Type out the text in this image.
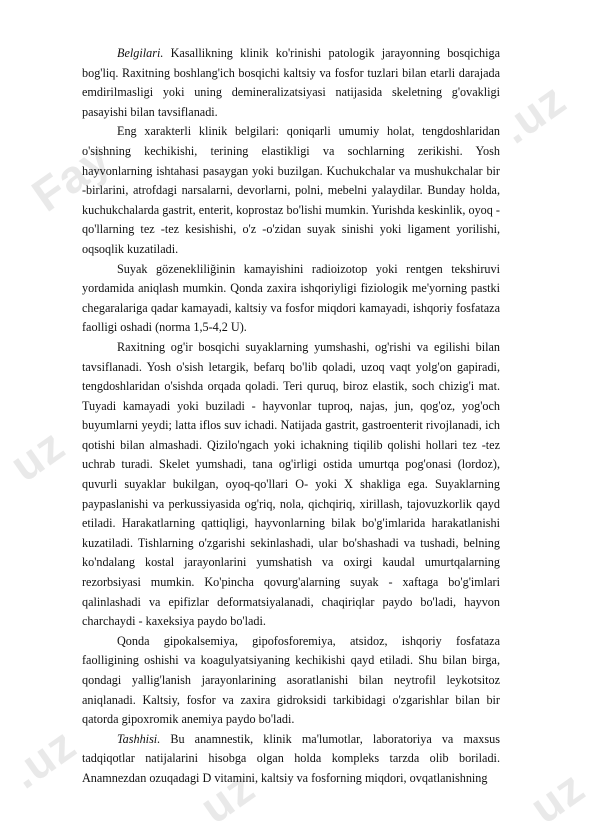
Fay
.uz
uz
.uz uz	uz

Belgilari. Kasallikning klinik ko'rinishi patologik jarayonning bosqichiga bog'liq. Raxitning boshlang'ich bosqichi kaltsiy va fosfor tuzlari bilan etarli darajada emdirilmasligi yoki uning demineralizatsiyasi natijasida skeletning g'ovakligi pasayishi bilan tavsiflanadi.

Eng xarakterli klinik belgilari: qoniqarli umumiy holat, tengdoshlaridan o'sishning kechikishi, terining elastikligi va sochlarning zerikishi. Yosh hayvonlarning ishtahasi pasaygan yoki buzilgan. Kuchukchalar va mushukchalar bir -birlarini, atrofdagi narsalarni, devorlarni, polni, mebelni yalaydilar. Bunday holda, kuchukchalarda gastrit, enterit, koprostaz bo'lishi mumkin. Yurishda keskinlik, oyoq -qo'llarning tez -tez kesishishi, o'z -o'zidan suyak sinishi yoki ligament yorilishi, oqsoqlik kuzatiladi.

Suyak gözenekliliğinin kamayishini radioizotop yoki rentgen tekshiruvi yordamida aniqlash mumkin. Qonda zaxira ishqoriyligi fiziologik me'yorning pastki chegaralariga qadar kamayadi, kaltsiy va fosfor miqdori kamayadi, ishqoriy fosfataza faolligi oshadi (norma 1,5-4,2 U).

Raxitning og'ir bosqichi suyaklarning yumshashi, og'rishi va egilishi bilan tavsiflanadi. Yosh o'sish letargik, befarq bo'lib qoladi, uzoq vaqt yolg'on gapiradi, tengdoshlaridan o'sishda orqada qoladi. Teri quruq, biroz elastik, soch chizig'i mat. Tuyadi kamayadi yoki buziladi - hayvonlar tuproq, najas, jun, qog'oz, yog'och buyumlarni yeydi; latta iflos suv ichadi. Natijada gastrit, gastroenterit rivojlanadi, ich qotishi bilan almashadi. Qizilo'ngach yoki ichakning tiqilib qolishi hollari tez -tez uchrab turadi. Skelet yumshadi, tana og'irligi ostida umurtqa pog'onasi (lordoz), quvurli suyaklar bukilgan, oyoq-qo'llari O- yoki X shakliga ega. Suyaklarning paypaslanishi va perkussiyasida og'riq, nola, qichqiriq, xirillash, tajovuzkorlik qayd etiladi. Harakatlarning qattiqligi, hayvonlarning bilak bo'g'imlarida harakatlanishi kuzatiladi. Tishlarning o'zgarishi sekinlashadi, ular bo'shashadi va tushadi, belning ko'ndalang kostal jarayonlarini yumshatish va oxirgi kaudal umurtqalarning rezorbsiyasi mumkin. Ko'pincha qovurg'alarning suyak - xaftaga bo'g'imlari qalinlashadi va epifizlar deformatsiyalanadi, chaqiriqlar paydo bo'ladi, hayvon charchaydi - kaxeksiya paydo bo'ladi.

Qonda gipokalsemiya, gipofosforemiya, atsidoz, ishqoriy fosfataza faolligining oshishi va koagulyatsiyaning kechikishi qayd etiladi. Shu bilan birga, qondagi yallig'lanish jarayonlarining asoratlanishi bilan neytrofil leykotsitoz aniqlanadi. Kaltsiy, fosfor va zaxira gidroksidi tarkibidagi o'zgarishlar bilan bir qatorda gipoxromik anemiya paydo bo'ladi.

Tashhisi. Bu anamnestik, klinik ma'lumotlar, laboratoriya va maxsus tadqiqotlar natijalarini hisobga olgan holda kompleks tarzda olib boriladi. Anamnezdan ozuqadagi D vitamini, kaltsiy va fosforning miqdori, ovqatlanishning
